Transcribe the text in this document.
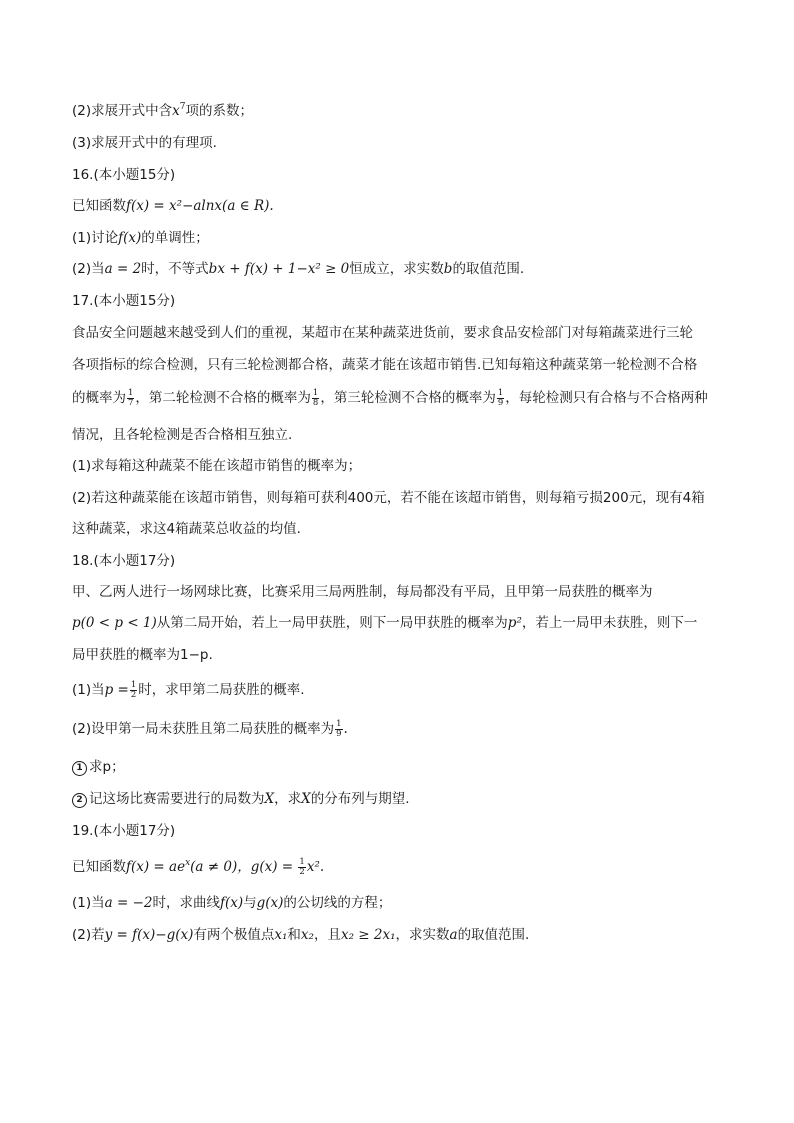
(2)求展开式中含$x^7$项的系数；
(3)求展开式中的有理项.
16.(本小题15分)
已知函数f(x) = x²−alnx(a ∈ R).
(1)讨论f(x)的单调性；
(2)当a = 2时，不等式bx + f(x) + 1−x² ≥ 0恒成立，求实数b的取值范围.
17.(本小题15分)
食品安全问题越来越受到人们的重视，某超市在某种蔬菜进货前，要求食品安检部门对每箱蔬菜进行三轮
各项指标的综合检测，只有三轮检测都合格，蔬菜才能在该超市销售.已知每箱这种蔬菜第一轮检测不合格
的概率为 $\frac{1}{7}$ ，第二轮检测不合格的概率为 $\frac{1}{8}$ ，第三轮检测不合格的概率为 $\frac{1}{9}$ ，每轮检测只有合格与不合格两种
情况，且各轮检测是否合格相互独立.
(1)求每箱这种蔬菜不能在该超市销售的概率为；
(2)若这种蔬菜能在该超市销售，则每箱可获利400元，若不能在该超市销售，则每箱亏损200元，现有4箱
这种蔬菜，求这4箱蔬菜总收益的均值.
18.(本小题17分)
甲、乙两人进行一场网球比赛，比赛采用三局两胜制，每局都没有平局，且甲第一局获胜的概率为
p(0 < p < 1)从第二局开始，若上一局甲获胜，则下一局甲获胜的概率为p²，若上一局甲未获胜，则下一
局甲获胜的概率为1−p.
(1)当$p = \frac{1}{2}$ 时，求甲第二局获胜的概率.
(2)设甲第一局未获胜且第二局获胜的概率为 $\frac{1}{9}$ .
1 求p；
2 记这场比赛需要进行的局数为X，求X的分布列与期望.
19.(本小题17分)
已知函数$f(x) = ae^x(a \ne 0)$，$g(x) = \frac{1}{2} x^2$.
(1)当a = −2时，求曲线f(x)与g(x)的公切线的方程；
(2)若y = f(x)−g(x)有两个极值点x₁和x₂，且x₂ ≥ 2x₁，求实数a的取值范围.
